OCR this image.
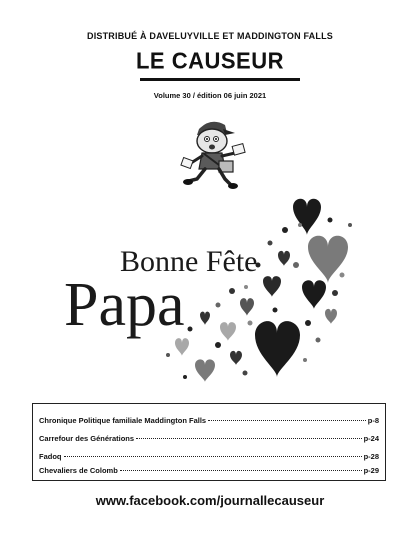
DISTRIBUÉ À DAVELUYVILLE ET MADDINGTON FALLS
LE CAUSEUR
Volume 30 / édition 06 juin 2021
Bonne Fête
Papa
Chronique Politique familiale Maddington Falls	p-8
Carrefour des Générations	p-24
Fadoq	p-28
Chevaliers de Colomb	p-29
www.facebook.com/journallecauseur
